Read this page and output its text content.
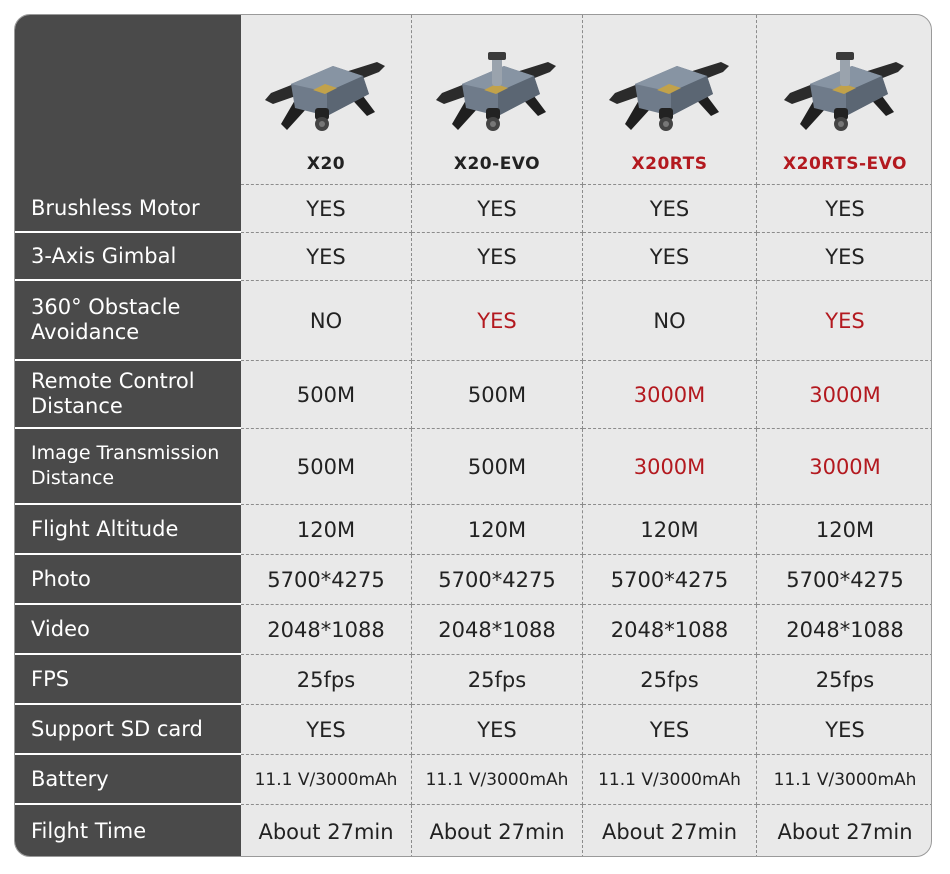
X20	X20-EVO	X20RTS	X20RTS-EVO
Brushless Motor	YES	YES	YES	YES
3-Axis Gimbal	YES	YES	YES	YES
360° Obstacle
Avoidance	NO	YES	NO	YES
Remote Control
Distance	500M	500M	3000M	3000M
Image Transmission
Distance	500M	500M	3000M	3000M
Flight Altitude	120M	120M	120M	120M
Photo	5700*4275	5700*4275	5700*4275	5700*4275
Video	2048*1088	2048*1088	2048*1088	2048*1088
FPS	25fps	25fps	25fps	25fps
Support SD card	YES	YES	YES	YES
Battery	11.1 V/3000mAh	11.1 V/3000mAh	11.1 V/3000mAh	11.1 V/3000mAh
Filght Time	About 27min	About 27min	About 27min	About 27min
